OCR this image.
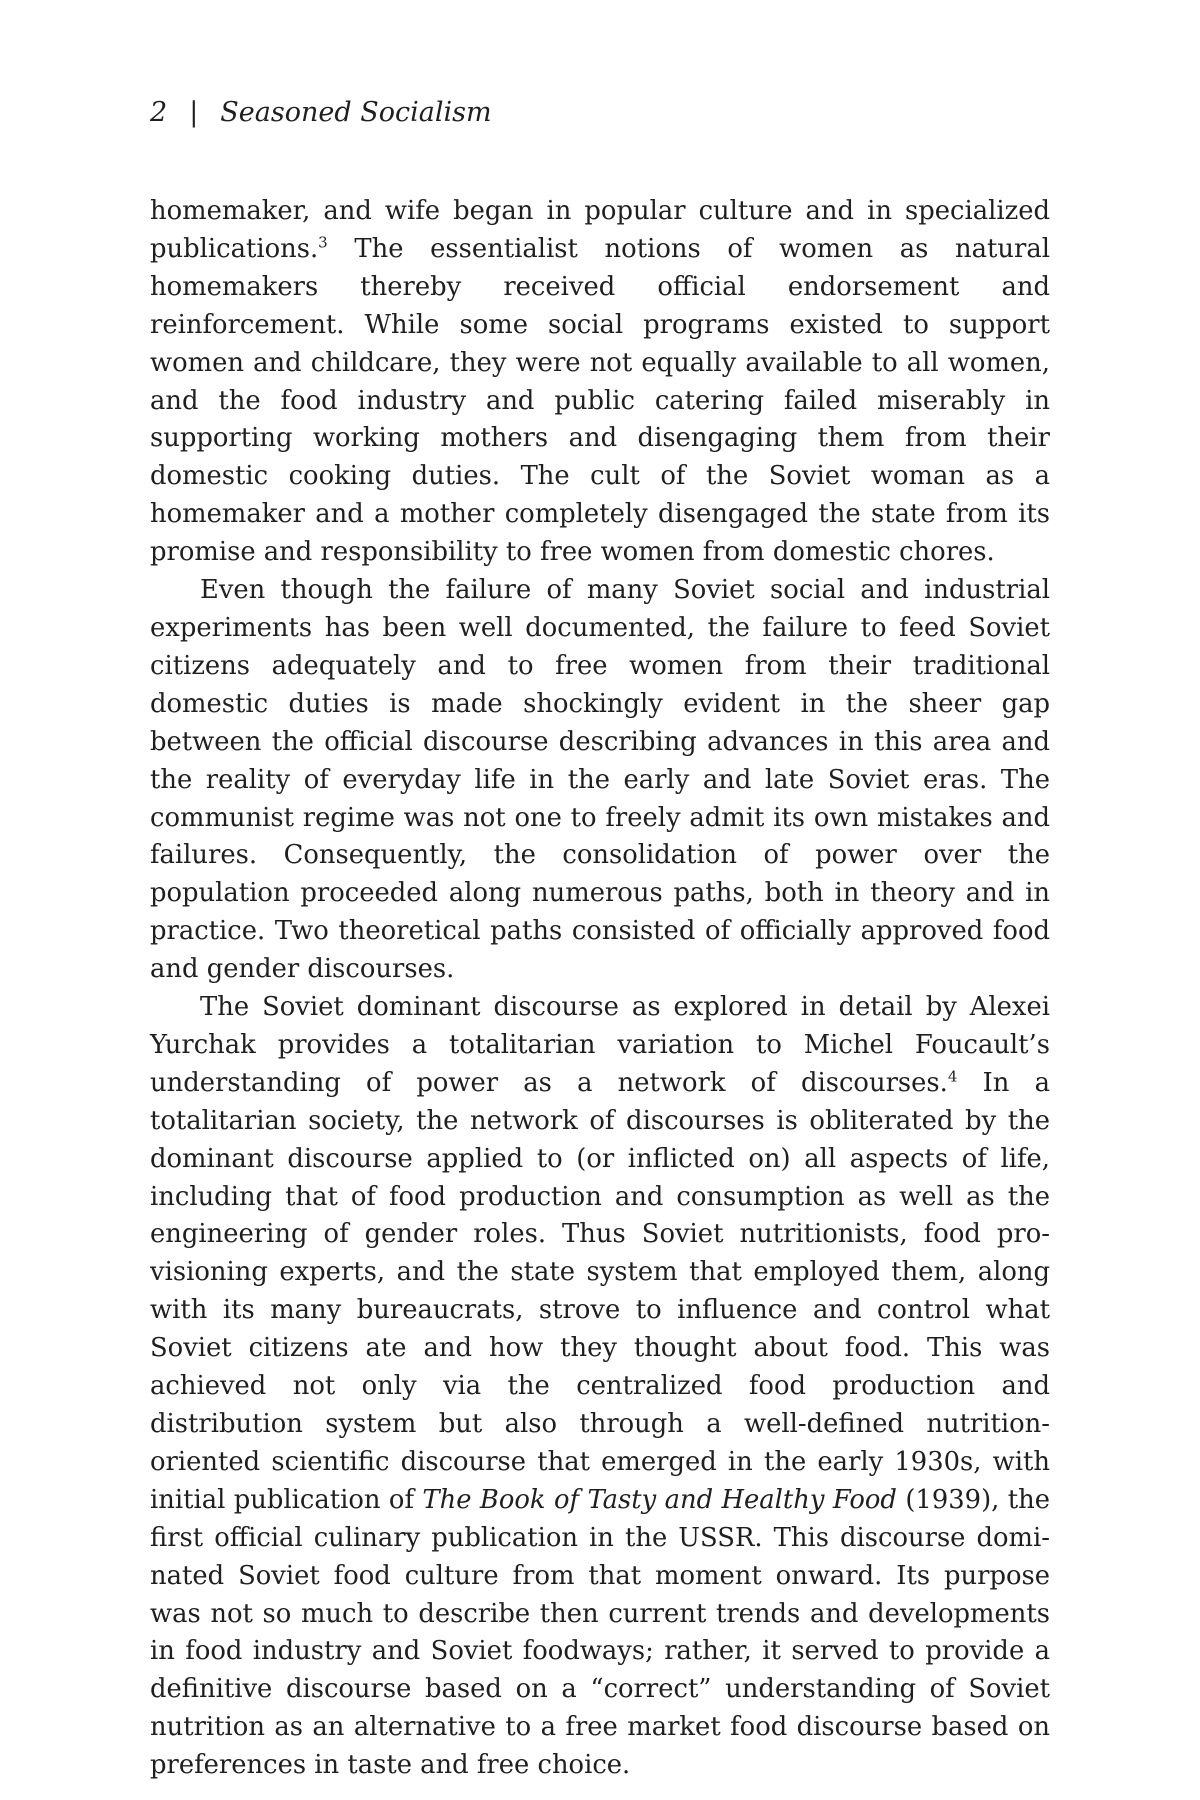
2 | Seasoned Socialism

homemaker, and wife began in popular culture and in specialized publications.$^3$ The essentialist notions of women as natural homemakers thereby received official endorsement and reinforcement. While some social programs existed to support women and childcare, they were not equally available to all women, and the food industry and public catering failed miserably in supporting working mothers and disengaging them from their domestic cooking duties. The cult of the Soviet woman as a homemaker and a mother completely disengaged the state from its promise and responsibility to free women from domestic chores.

Even though the failure of many Soviet social and industrial experiments has been well documented, the failure to feed Soviet citizens adequately and to free women from their traditional domestic duties is made shockingly evident in the sheer gap between the official discourse describing advances in this area and the reality of everyday life in the early and late Soviet eras. The communist regime was not one to freely admit its own mistakes and failures. Consequently, the consolidation of power over the population proceeded along numerous paths, both in theory and in practice. Two theoretical paths consisted of officially approved food and gender discourses.

The Soviet dominant discourse as explored in detail by Alexei Yurchak provides a totalitarian variation to Michel Foucault’s understanding of power as a network of discourses.$^4$ In a totalitarian society, the network of discourses is obliterated by the dominant discourse applied to (or inflicted on) all aspects of life, including that of food production and consumption as well as the engineering of gender roles. Thus Soviet nutritionists, food provisioning experts, and the state system that employed them, along with its many bureaucrats, strove to influence and control what Soviet citizens ate and how they thought about food. This was achieved not only via the centralized food production and distribution system but also through a well-defined nutrition-oriented scientific discourse that emerged in the early 1930s, with initial publication of The Book of Tasty and Healthy Food (1939), the first official culinary publication in the USSR. This discourse dominated Soviet food culture from that moment onward. Its purpose was not so much to describe then current trends and developments in food industry and Soviet foodways; rather, it served to provide a definitive discourse based on a “correct” understanding of Soviet nutrition as an alternative to a free market food discourse based on preferences in taste and free choice.
